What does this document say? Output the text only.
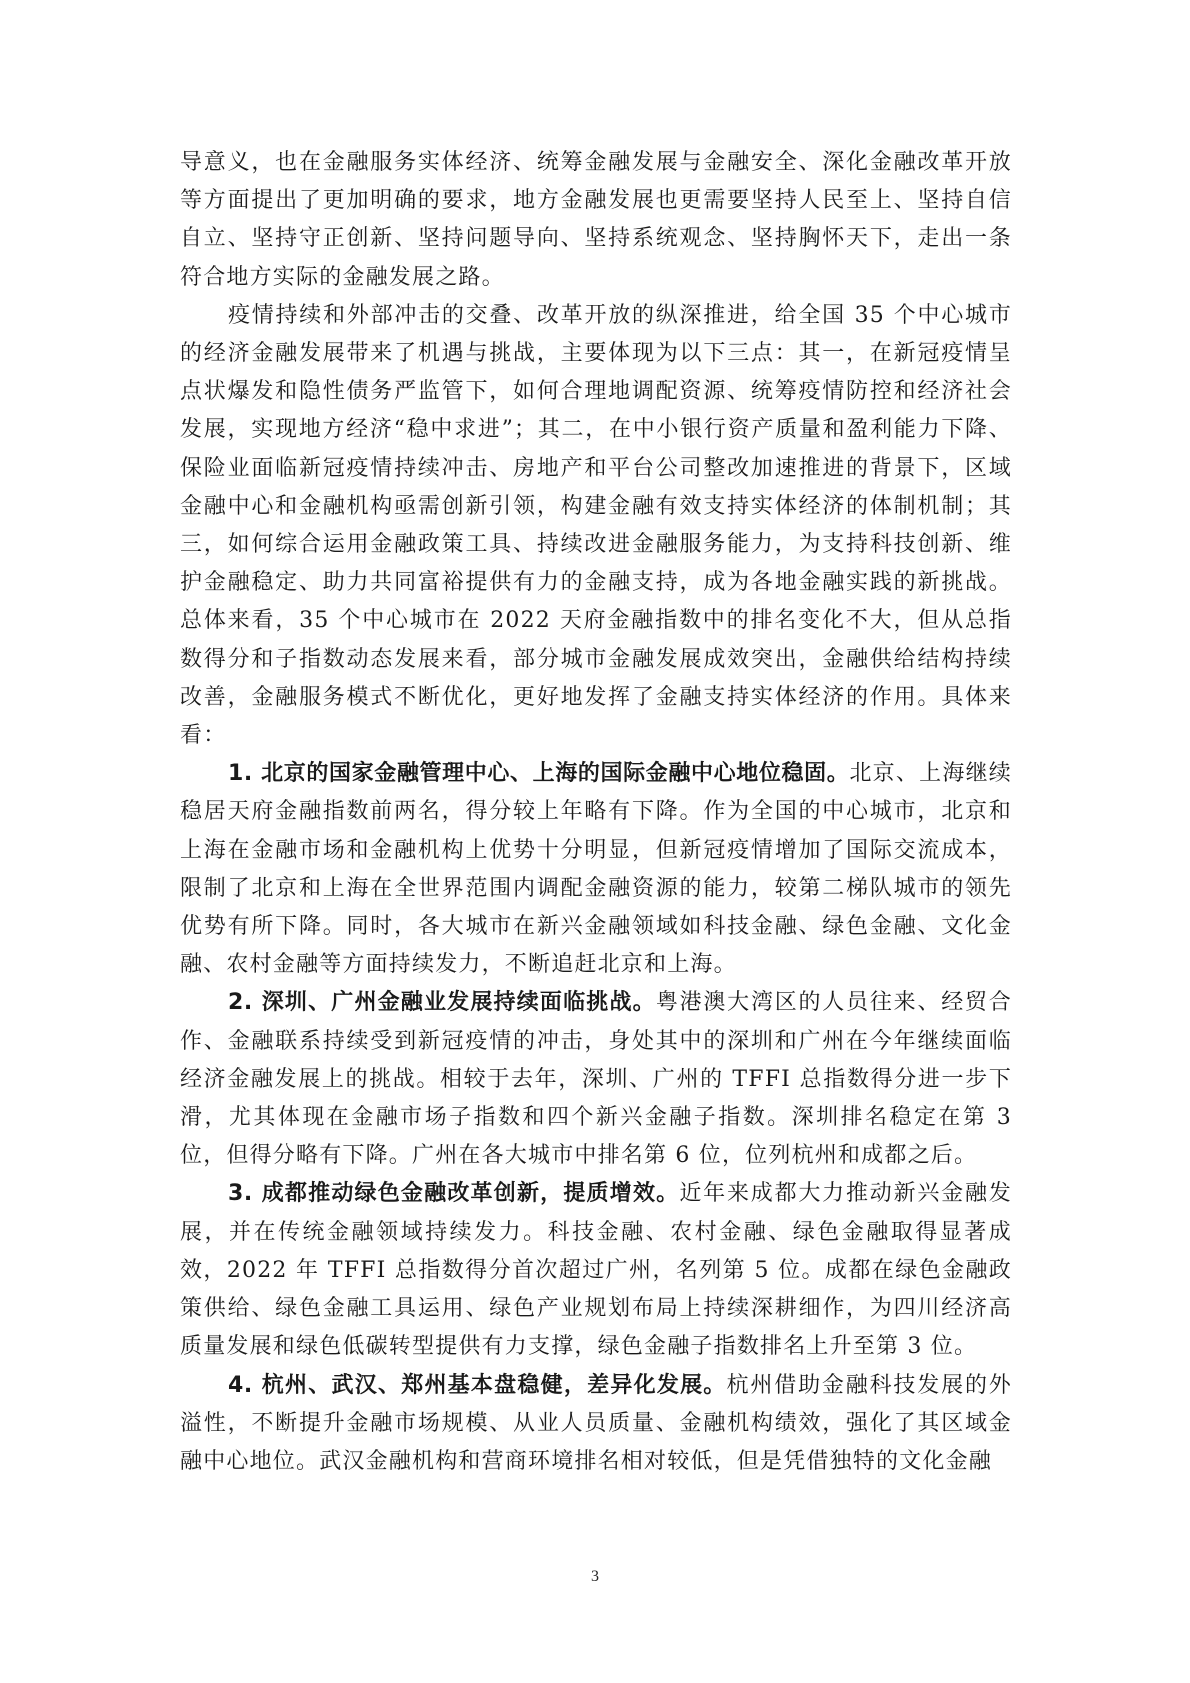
导意义，也在金融服务实体经济、统筹金融发展与金融安全、深化金融改革开放等方面提出了更加明确的要求，地方金融发展也更需要坚持人民至上、坚持自信自立、坚持守正创新、坚持问题导向、坚持系统观念、坚持胸怀天下，走出一条符合地方实际的金融发展之路。

疫情持续和外部冲击的交叠、改革开放的纵深推进，给全国 35 个中心城市的经济金融发展带来了机遇与挑战，主要体现为以下三点：其一，在新冠疫情呈点状爆发和隐性债务严监管下，如何合理地调配资源、统筹疫情防控和经济社会发展，实现地方经济“稳中求进”；其二，在中小银行资产质量和盈利能力下降、保险业面临新冠疫情持续冲击、房地产和平台公司整改加速推进的背景下，区域金融中心和金融机构亟需创新引领，构建金融有效支持实体经济的体制机制；其三，如何综合运用金融政策工具、持续改进金融服务能力，为支持科技创新、维护金融稳定、助力共同富裕提供有力的金融支持，成为各地金融实践的新挑战。总体来看，35 个中心城市在 2022 天府金融指数中的排名变化不大，但从总指数得分和子指数动态发展来看，部分城市金融发展成效突出，金融供给结构持续改善，金融服务模式不断优化，更好地发挥了金融支持实体经济的作用。具体来看：

1. 北京的国家金融管理中心、上海的国际金融中心地位稳固。北京、上海继续稳居天府金融指数前两名，得分较上年略有下降。作为全国的中心城市，北京和上海在金融市场和金融机构上优势十分明显，但新冠疫情增加了国际交流成本，限制了北京和上海在全世界范围内调配金融资源的能力，较第二梯队城市的领先优势有所下降。同时，各大城市在新兴金融领域如科技金融、绿色金融、文化金融、农村金融等方面持续发力，不断追赶北京和上海。

2. 深圳、广州金融业发展持续面临挑战。粤港澳大湾区的人员往来、经贸合作、金融联系持续受到新冠疫情的冲击，身处其中的深圳和广州在今年继续面临经济金融发展上的挑战。相较于去年，深圳、广州的 TFFI 总指数得分进一步下滑，尤其体现在金融市场子指数和四个新兴金融子指数。深圳排名稳定在第 3 位，但得分略有下降。广州在各大城市中排名第 6 位，位列杭州和成都之后。

3. 成都推动绿色金融改革创新，提质增效。近年来成都大力推动新兴金融发展，并在传统金融领域持续发力。科技金融、农村金融、绿色金融取得显著成效，2022 年 TFFI 总指数得分首次超过广州，名列第 5 位。成都在绿色金融政策供给、绿色金融工具运用、绿色产业规划布局上持续深耕细作，为四川经济高质量发展和绿色低碳转型提供有力支撑，绿色金融子指数排名上升至第 3 位。

4. 杭州、武汉、郑州基本盘稳健，差异化发展。杭州借助金融科技发展的外溢性，不断提升金融市场规模、从业人员质量、金融机构绩效，强化了其区域金融中心地位。武汉金融机构和营商环境排名相对较低，但是凭借独特的文化金融

3
